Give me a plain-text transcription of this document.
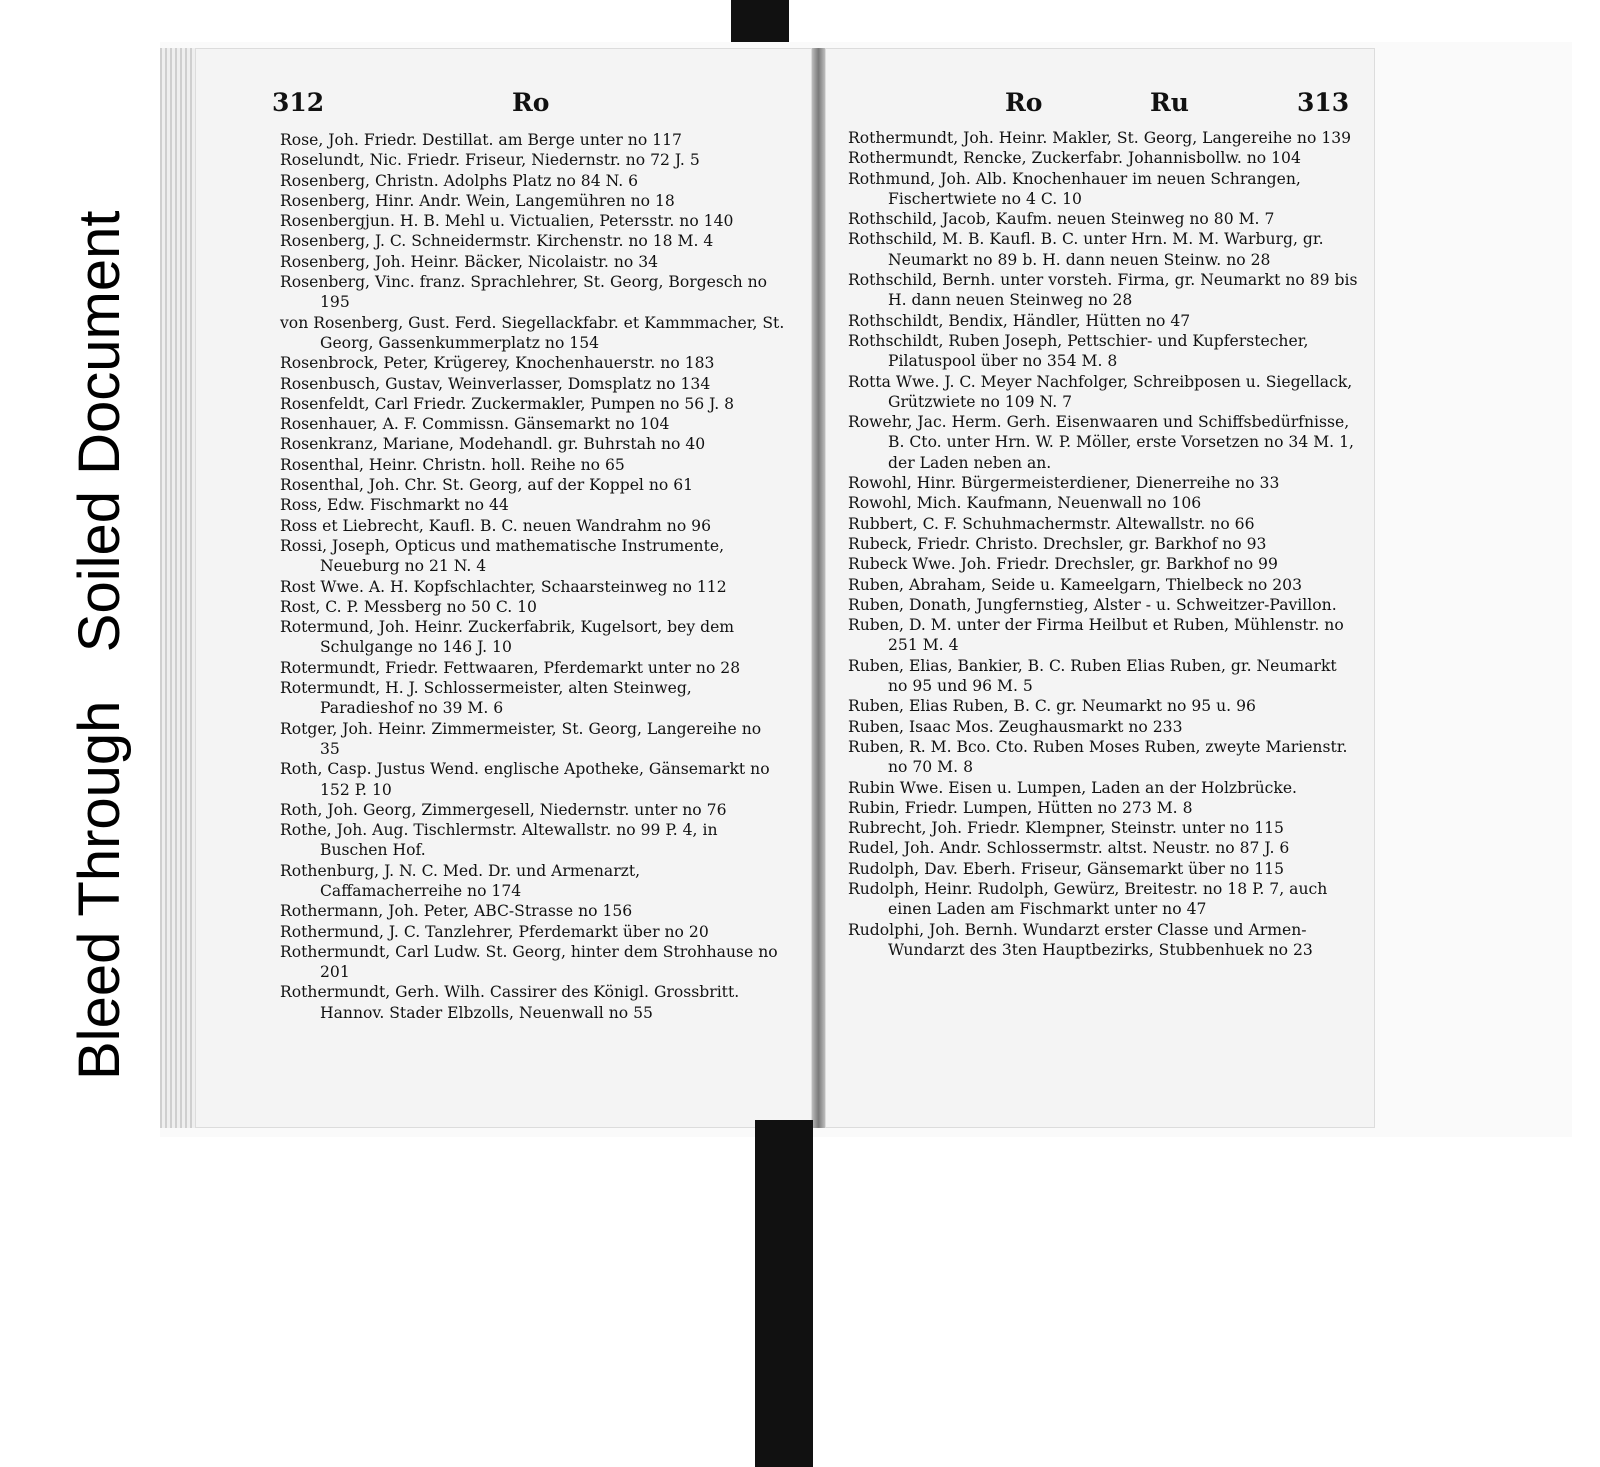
Bleed Through   Soiled Document
312	Ro	Ro	Ru	313
Rose, Joh. Friedr. Destillat. am Berge unter no 117
Roselundt, Nic. Friedr. Friseur, Niedernstr. no 72 J. 5
Rosenberg, Christn. Adolphs Platz no 84 N. 6
Rosenberg, Hinr. Andr. Wein, Langemühren no 18
Rosenbergjun. H. B. Mehl u. Victualien, Petersstr. no 140
Rosenberg, J. C. Schneidermstr. Kirchenstr. no 18 M. 4
Rosenberg, Joh. Heinr. Bäcker, Nicolaistr. no 34
Rosenberg, Vinc. franz. Sprachlehrer, St. Georg, Borgesch no 195
von Rosenberg, Gust. Ferd. Siegellackfabr. et Kammmacher, St. Georg, Gassenkummerplatz no 154
Rosenbrock, Peter, Krügerey, Knochenhauerstr. no 183
Rosenbusch, Gustav, Weinverlasser, Domsplatz no 134
Rosenfeldt, Carl Friedr. Zuckermakler, Pumpen no 56 J. 8
Rosenhauer, A. F. Commissn. Gänsemarkt no 104
Rosenkranz, Mariane, Modehandl. gr. Buhrstah no 40
Rosenthal, Heinr. Christn. holl. Reihe no 65
Rosenthal, Joh. Chr. St. Georg, auf der Koppel no 61
Ross, Edw. Fischmarkt no 44
Ross et Liebrecht, Kaufl. B. C. neuen Wandrahm no 96
Rossi, Joseph, Opticus und mathematische Instrumente, Neueburg no 21 N. 4
Rost Wwe. A. H. Kopfschlachter, Schaarsteinweg no 112
Rost, C. P. Messberg no 50 C. 10
Rotermund, Joh. Heinr. Zuckerfabrik, Kugelsort, bey dem Schulgange no 146 J. 10
Rotermundt, Friedr. Fettwaaren, Pferdemarkt unter no 28
Rotermundt, H. J. Schlossermeister, alten Steinweg, Paradieshof no 39 M. 6
Rotger, Joh. Heinr. Zimmermeister, St. Georg, Langereihe no 35
Roth, Casp. Justus Wend. englische Apotheke, Gänsemarkt no 152 P. 10
Roth, Joh. Georg, Zimmergesell, Niedernstr. unter no 76
Rothe, Joh. Aug. Tischlermstr. Altewallstr. no 99 P. 4, in Buschen Hof.
Rothenburg, J. N. C. Med. Dr. und Armenarzt, Caffamacherreihe no 174
Rothermann, Joh. Peter, ABC-Strasse no 156
Rothermund, J. C. Tanzlehrer, Pferdemarkt über no 20
Rothermundt, Carl Ludw. St. Georg, hinter dem Strohhause no 201
Rothermundt, Gerh. Wilh. Cassirer des Königl. Grossbritt. Hannov. Stader Elbzolls, Neuenwall no 55
Rothermundt, Joh. Heinr. Makler, St. Georg, Langereihe no 139
Rothermundt, Rencke, Zuckerfabr. Johannisbollw. no 104
Rothmund, Joh. Alb. Knochenhauer im neuen Schrangen, Fischertwiete no 4 C. 10
Rothschild, Jacob, Kaufm. neuen Steinweg no 80 M. 7
Rothschild, M. B. Kaufl. B. C. unter Hrn. M. M. Warburg, gr. Neumarkt no 89 b. H. dann neuen Steinw. no 28
Rothschild, Bernh. unter vorsteh. Firma, gr. Neumarkt no 89 bis H. dann neuen Steinweg no 28
Rothschildt, Bendix, Händler, Hütten no 47
Rothschildt, Ruben Joseph, Pettschier- und Kupferstecher, Pilatuspool über no 354 M. 8
Rotta Wwe. J. C. Meyer Nachfolger, Schreibposen u. Siegellack, Grützwiete no 109 N. 7
Rowehr, Jac. Herm. Gerh. Eisenwaaren und Schiffsbedürfnisse, B. Cto. unter Hrn. W. P. Möller, erste Vorsetzen no 34 M. 1, der Laden neben an.
Rowohl, Hinr. Bürgermeisterdiener, Dienerreihe no 33
Rowohl, Mich. Kaufmann, Neuenwall no 106
Rubbert, C. F. Schuhmachermstr. Altewallstr. no 66
Rubeck, Friedr. Christo. Drechsler, gr. Barkhof no 93
Rubeck Wwe. Joh. Friedr. Drechsler, gr. Barkhof no 99
Ruben, Abraham, Seide u. Kameelgarn, Thielbeck no 203
Ruben, Donath, Jungfernstieg, Alster - u. Schweitzer-Pavillon.
Ruben, D. M. unter der Firma Heilbut et Ruben, Mühlenstr. no 251 M. 4
Ruben, Elias, Bankier, B. C. Ruben Elias Ruben, gr. Neumarkt no 95 und 96 M. 5
Ruben, Elias Ruben, B. C. gr. Neumarkt no 95 u. 96
Ruben, Isaac Mos. Zeughausmarkt no 233
Ruben, R. M. Bco. Cto. Ruben Moses Ruben, zweyte Marienstr. no 70 M. 8
Rubin Wwe. Eisen u. Lumpen, Laden an der Holzbrücke.
Rubin, Friedr. Lumpen, Hütten no 273 M. 8
Rubrecht, Joh. Friedr. Klempner, Steinstr. unter no 115
Rudel, Joh. Andr. Schlossermstr. altst. Neustr. no 87 J. 6
Rudolph, Dav. Eberh. Friseur, Gänsemarkt über no 115
Rudolph, Heinr. Rudolph, Gewürz, Breitestr. no 18 P. 7, auch einen Laden am Fischmarkt unter no 47
Rudolphi, Joh. Bernh. Wundarzt erster Classe und Armen-Wundarzt des 3ten Hauptbezirks, Stubbenhuek no 23
